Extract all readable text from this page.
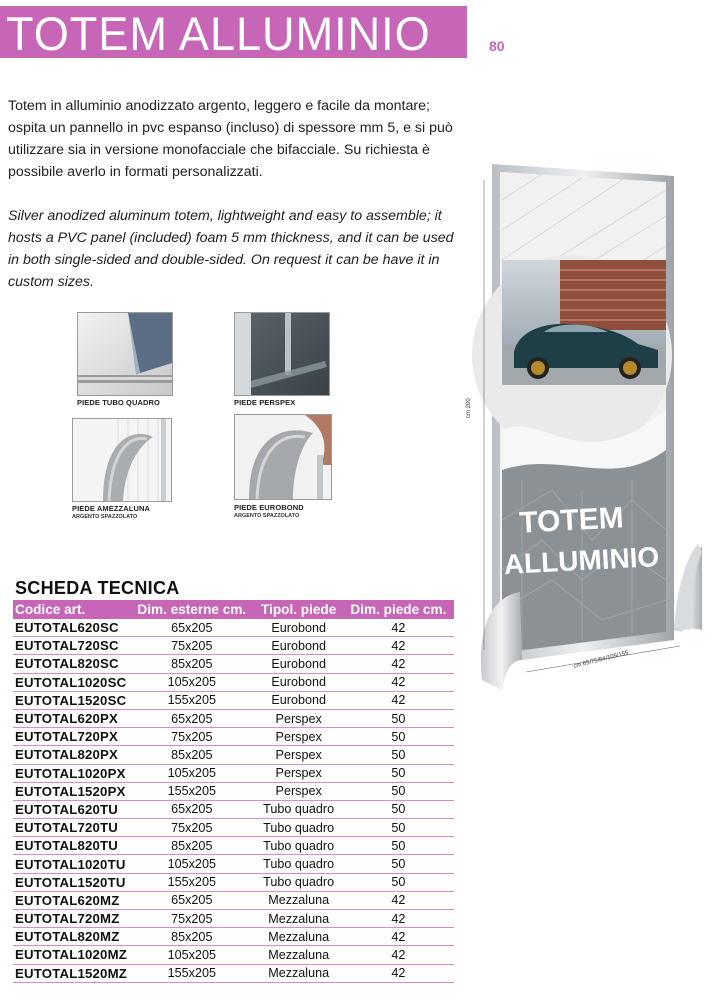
TOTEM ALLUMINIO	80
Totem in alluminio anodizzato argento, leggero e facile da montare; ospita un pannello in pvc espanso (incluso) di spessore mm 5, e si può utilizzare sia in versione monofacciale che bifacciale. Su richiesta è possibile averlo in formati personalizzati.
Silver anodized aluminum totem, lightweight and easy to assemble; it hosts a PVC panel (included) foam 5 mm thickness, and it can be used in both single-sided and double-sided. On request it can be have it in custom sizes.
PIEDE TUBO QUADRO	PIEDE PERSPEX
PIEDE AMEZZALUNA
ARGENTO SPAZZOLATO
PIEDE EUROBOND
ARGENTO SPAZZOLATO	TOTEM
ALLUMINIO
cm 200
cm 65/75/84/105/155
SCHEDA TECNICA
Codice art.	Dim. esterne cm.	Tipol. piede	Dim. piede cm.
EUTOTAL620SC	65x205	Eurobond	42
EUTOTAL720SC	75x205	Eurobond	42
EUTOTAL820SC	85x205	Eurobond	42
EUTOTAL1020SC	105x205	Eurobond	42
EUTOTAL1520SC	155x205	Eurobond	42
EUTOTAL620PX	65x205	Perspex	50
EUTOTAL720PX	75x205	Perspex	50
EUTOTAL820PX	85x205	Perspex	50
EUTOTAL1020PX	105x205	Perspex	50
EUTOTAL1520PX	155x205	Perspex	50
EUTOTAL620TU	65x205	Tubo quadro	50
EUTOTAL720TU	75x205	Tubo quadro	50
EUTOTAL820TU	85x205	Tubo quadro	50
EUTOTAL1020TU	105x205	Tubo quadro	50
EUTOTAL1520TU	155x205	Tubo quadro	50
EUTOTAL620MZ	65x205	Mezzaluna	42
EUTOTAL720MZ	75x205	Mezzaluna	42
EUTOTAL820MZ	85x205	Mezzaluna	42
EUTOTAL1020MZ	105x205	Mezzaluna	42
EUTOTAL1520MZ	155x205	Mezzaluna	42
